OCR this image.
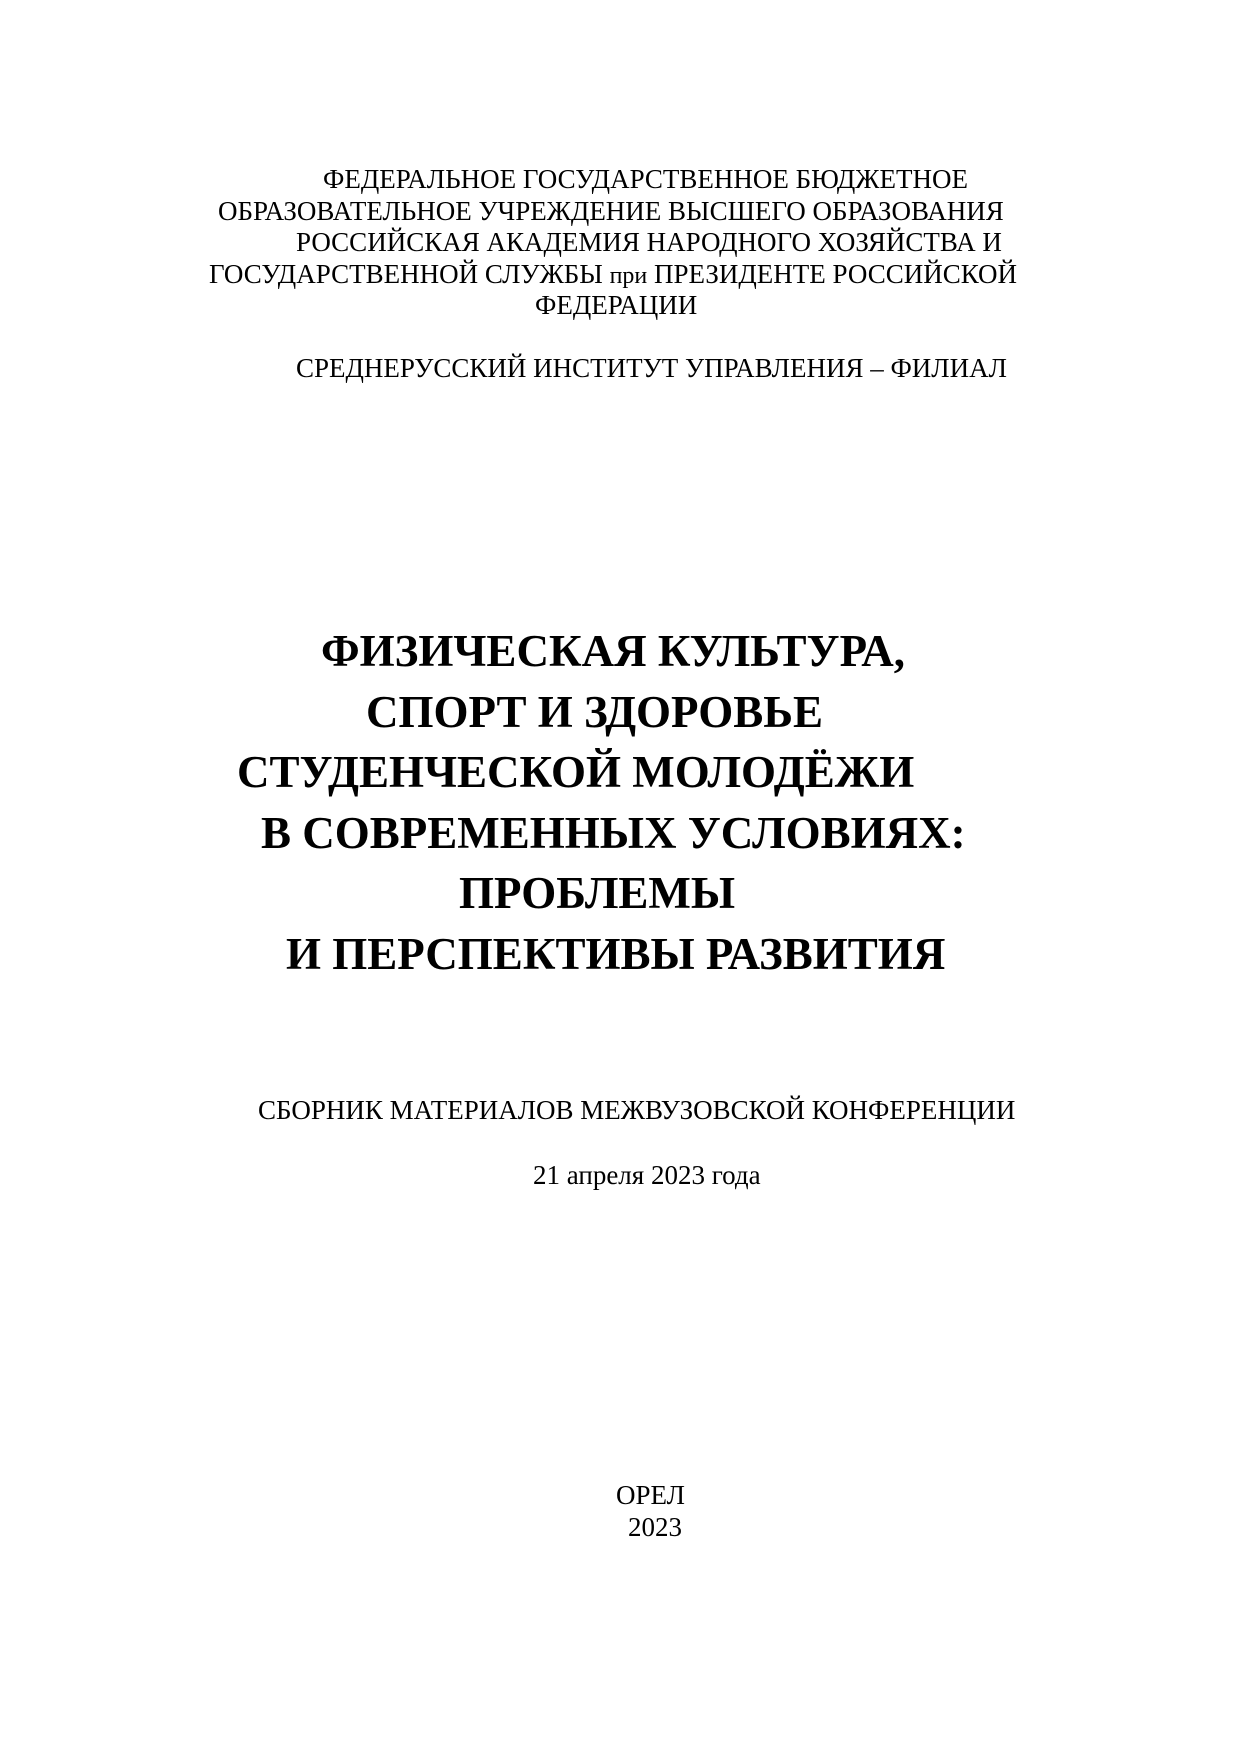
ФЕДЕРАЛЬНОЕ ГОСУДАРСТВЕННОЕ БЮДЖЕТНОЕ
ОБРАЗОВАТЕЛЬНОЕ УЧРЕЖДЕНИЕ ВЫСШЕГО ОБРАЗОВАНИЯ
РОССИЙСКАЯ АКАДЕМИЯ НАРОДНОГО ХОЗЯЙСТВА И
ГОСУДАРСТВЕННОЙ СЛУЖБЫ при ПРЕЗИДЕНТЕ РОССИЙСКОЙ
ФЕДЕРАЦИИ
СРЕДНЕРУССКИЙ ИНСТИТУТ УПРАВЛЕНИЯ – ФИЛИАЛ
ФИЗИЧЕСКАЯ КУЛЬТУРА,
СПОРТ И ЗДОРОВЬЕ
СТУДЕНЧЕСКОЙ МОЛОДЁЖИ
В СОВРЕМЕННЫХ УСЛОВИЯХ:
ПРОБЛЕМЫ
И ПЕРСПЕКТИВЫ РАЗВИТИЯ
СБОРНИК МАТЕРИАЛОВ МЕЖВУЗОВСКОЙ КОНФЕРЕНЦИИ
21 апреля 2023 года
ОРЕЛ
2023
